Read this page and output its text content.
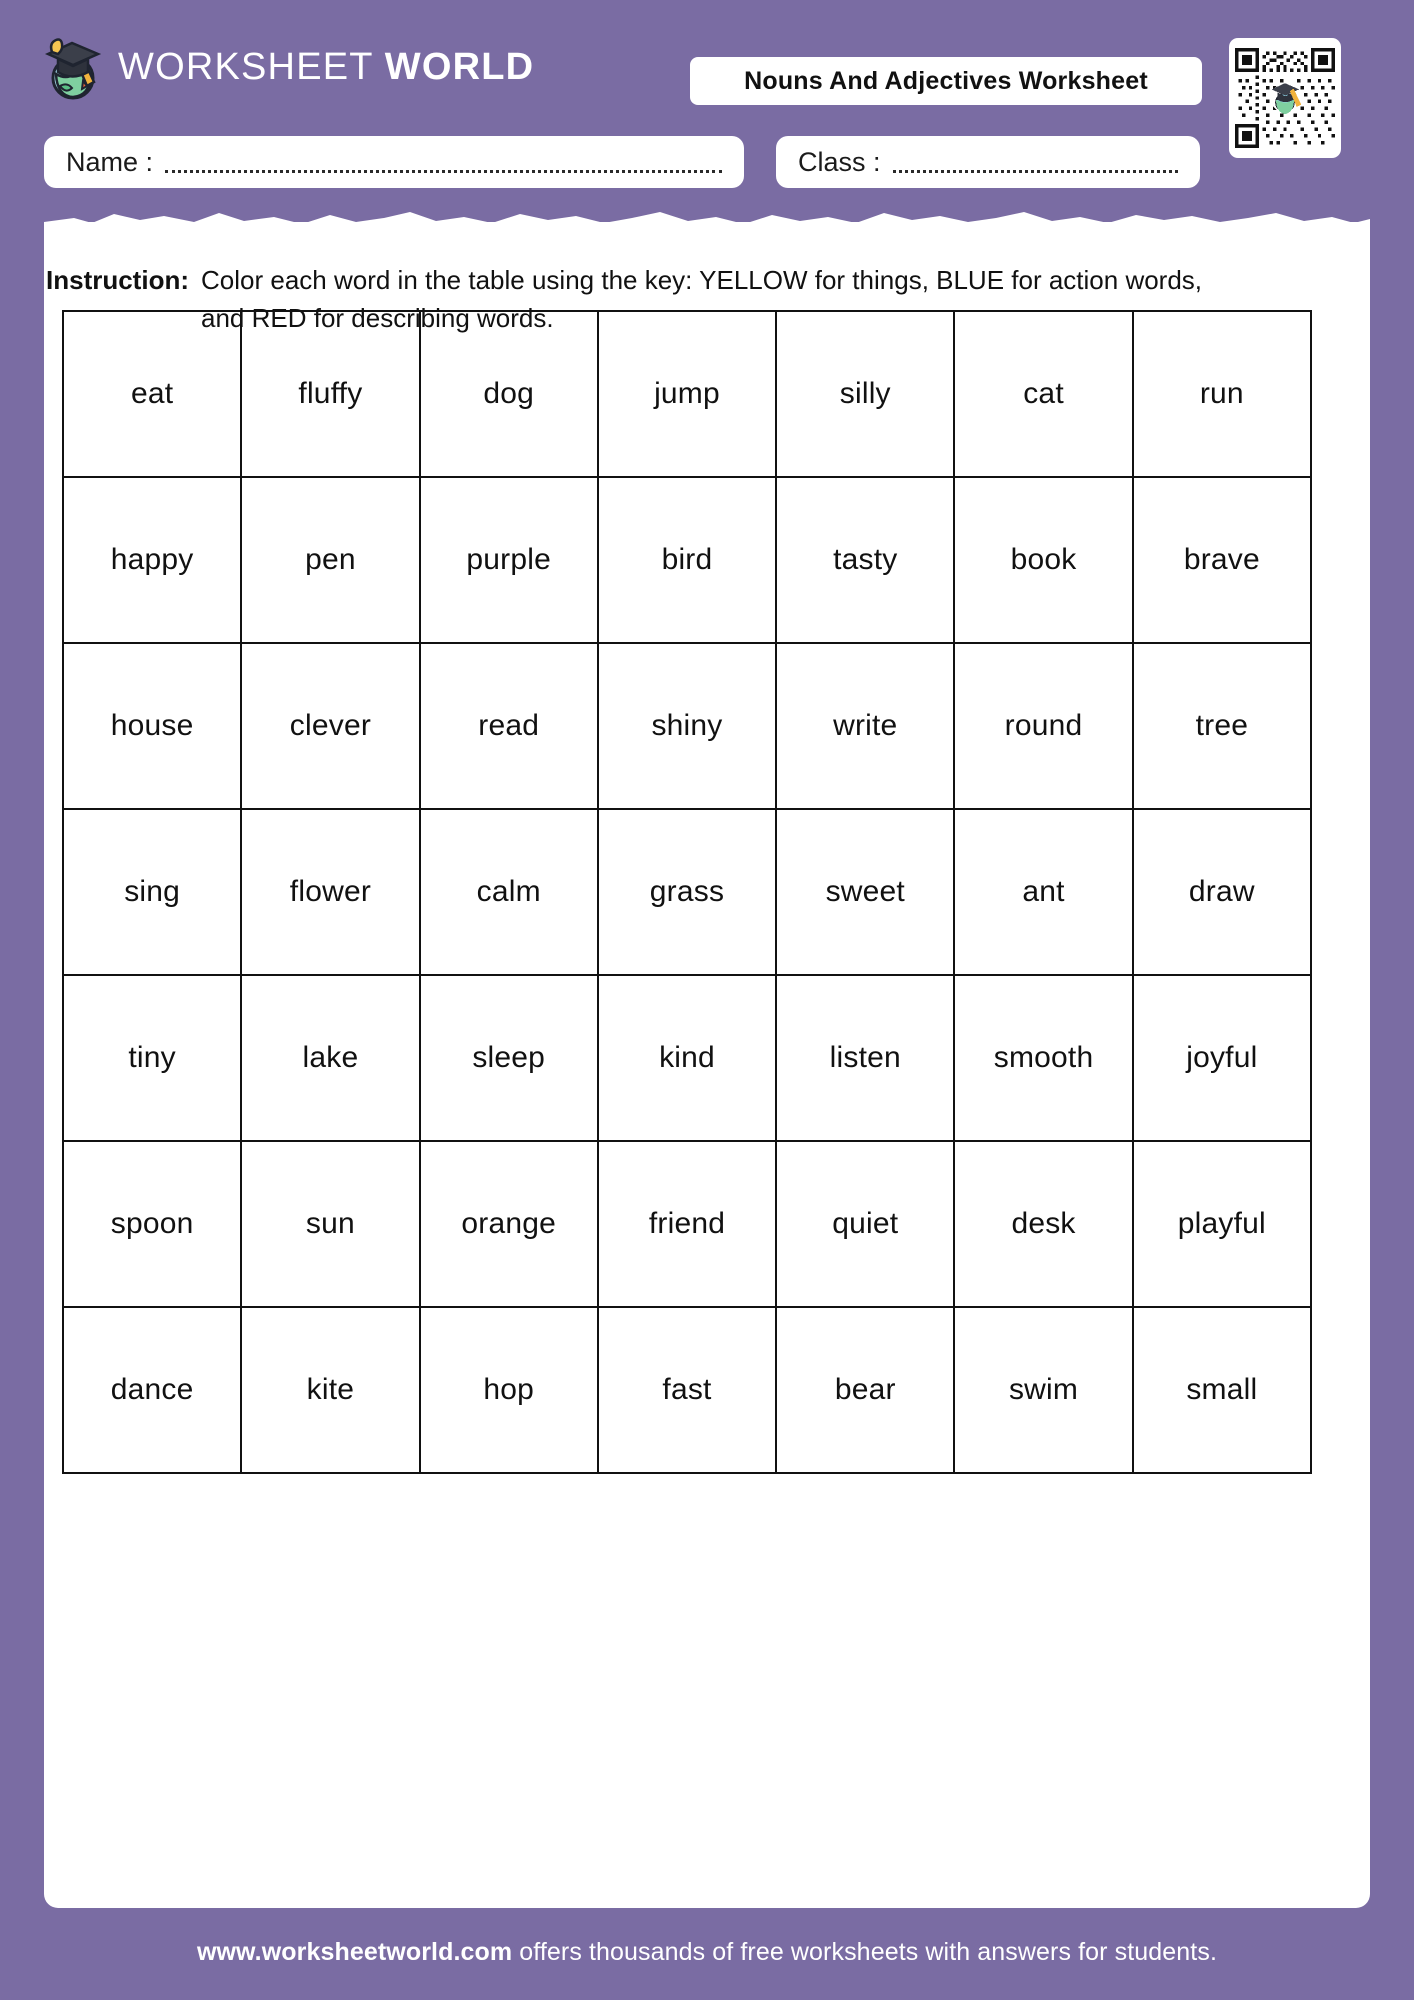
WORKSHEET WORLD	Nouns And Adjectives Worksheet
Name :	Class :
Instruction: Color each word in the table using the key: YELLOW for things, BLUE for action words, and RED for describing words.
eat	fluffy	dog	jump	silly	cat	run
happy	pen	purple	bird	tasty	book	brave
house	clever	read	shiny	write	round	tree
sing	flower	calm	grass	sweet	ant	draw
tiny	lake	sleep	kind	listen	smooth	joyful
spoon	sun	orange	friend	quiet	desk	playful
dance	kite	hop	fast	bear	swim	small
www.worksheetworld.com offers thousands of free worksheets with answers for students.
